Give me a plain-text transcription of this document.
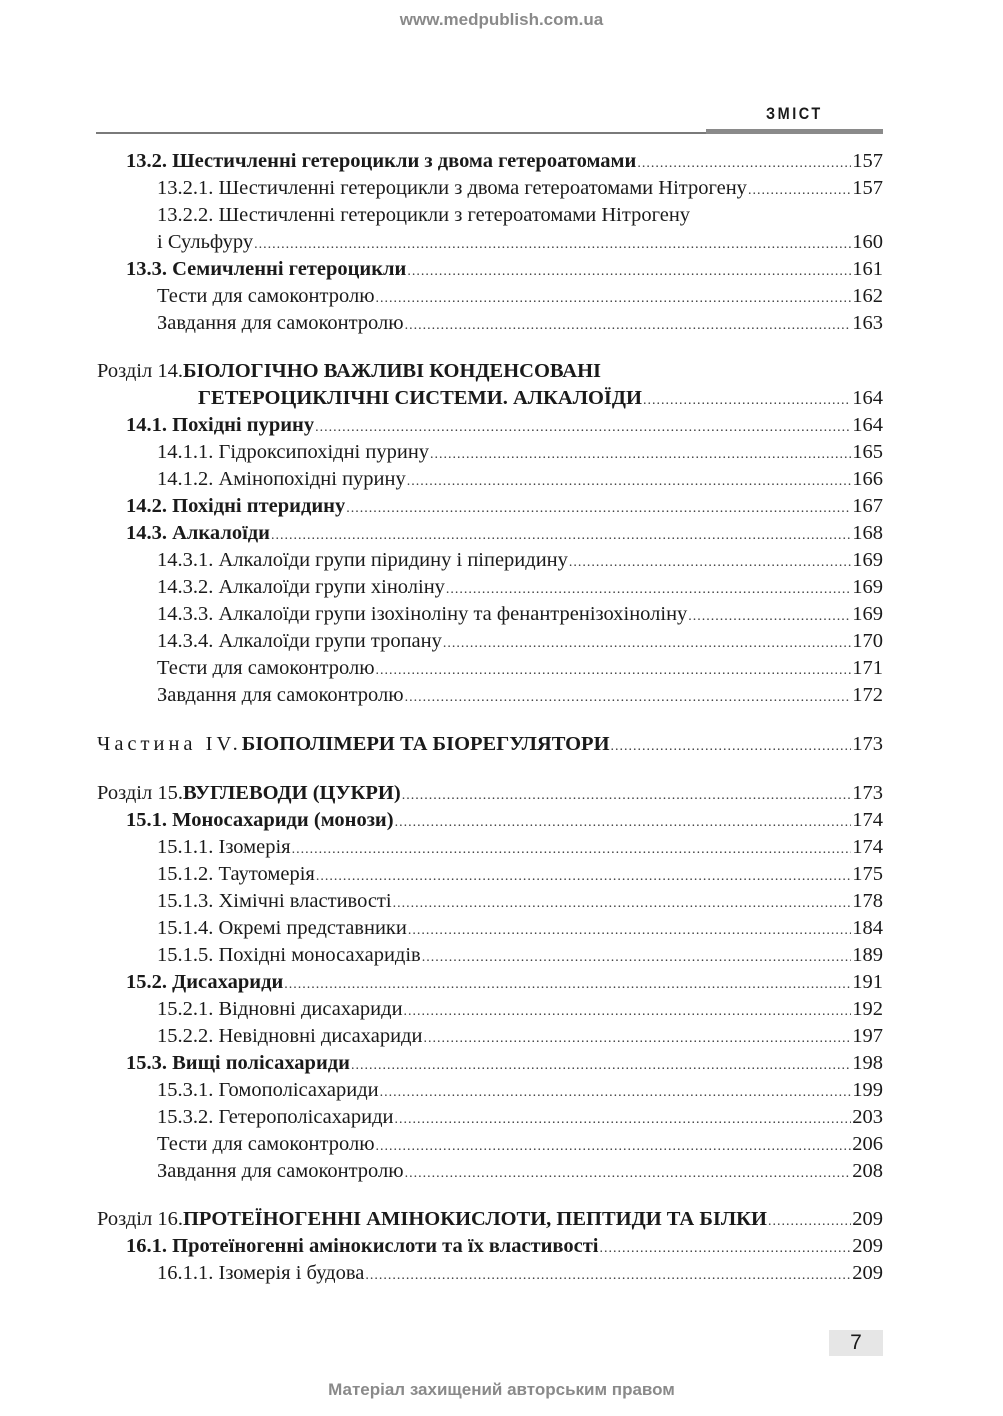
www.medpublish.com.ua
ЗМІСТ
13.2. Шестичленні гетероцикли з двома гетероатомами .....	157
13.2.1. Шестичленні гетероцикли з двома гетероатомами Нітрогену .....	157
13.2.2. Шестичленні гетероцикли з гетероатомами Нітрогену
і Сульфуру .....	160
13.3. Семичленні гетероцикли .....	161
Тести для самоконтролю .....	162
Завдання для самоконтролю .....	163
Розділ 14. БІОЛОГІЧНО ВАЖЛИВІ КОНДЕНСОВАНІ
ГЕТЕРОЦИКЛІЧНІ СИСТЕМИ. АЛКАЛОЇДИ .....	164
14.1. Похідні пурину .....	164
14.1.1. Гідроксипохідні пурину .....	165
14.1.2. Амінопохідні пурину .....	166
14.2. Похідні птеридину .....	167
14.3. Алкалоїди .....	168
14.3.1. Алкалоїди групи піридину і піперидину .....	169
14.3.2. Алкалоїди групи хіноліну .....	169
14.3.3. Алкалоїди групи ізохіноліну та фенантренізохіноліну .....	169
14.3.4. Алкалоїди групи тропану .....	170
Тести для самоконтролю .....	171
Завдання для самоконтролю .....	172
Частина IV. БІОПОЛІМЕРИ ТА БІОРЕГУЛЯТОРИ .....	173
Розділ 15. ВУГЛЕВОДИ (ЦУКРИ) .....	173
15.1. Моносахариди (монози) .....	174
15.1.1. Ізомерія .....	174
15.1.2. Таутомерія .....	175
15.1.3. Хімічні властивості .....	178
15.1.4. Окремі представники .....	184
15.1.5. Похідні моносахаридів .....	189
15.2. Дисахариди .....	191
15.2.1. Відновні дисахариди .....	192
15.2.2. Невідновні дисахариди .....	197
15.3. Вищі полісахариди .....	198
15.3.1. Гомополісахариди .....	199
15.3.2. Гетерополісахариди .....	203
Тести для самоконтролю .....	206
Завдання для самоконтролю .....	208
Розділ 16. ПРОТЕЇНОГЕННІ АМІНОКИСЛОТИ, ПЕПТИДИ ТА БІЛКИ .....	209
16.1. Протеїногенні амінокислоти та їх властивості .....	209
16.1.1. Ізомерія і будова .....	209
7
Матеріал захищений авторським правом
